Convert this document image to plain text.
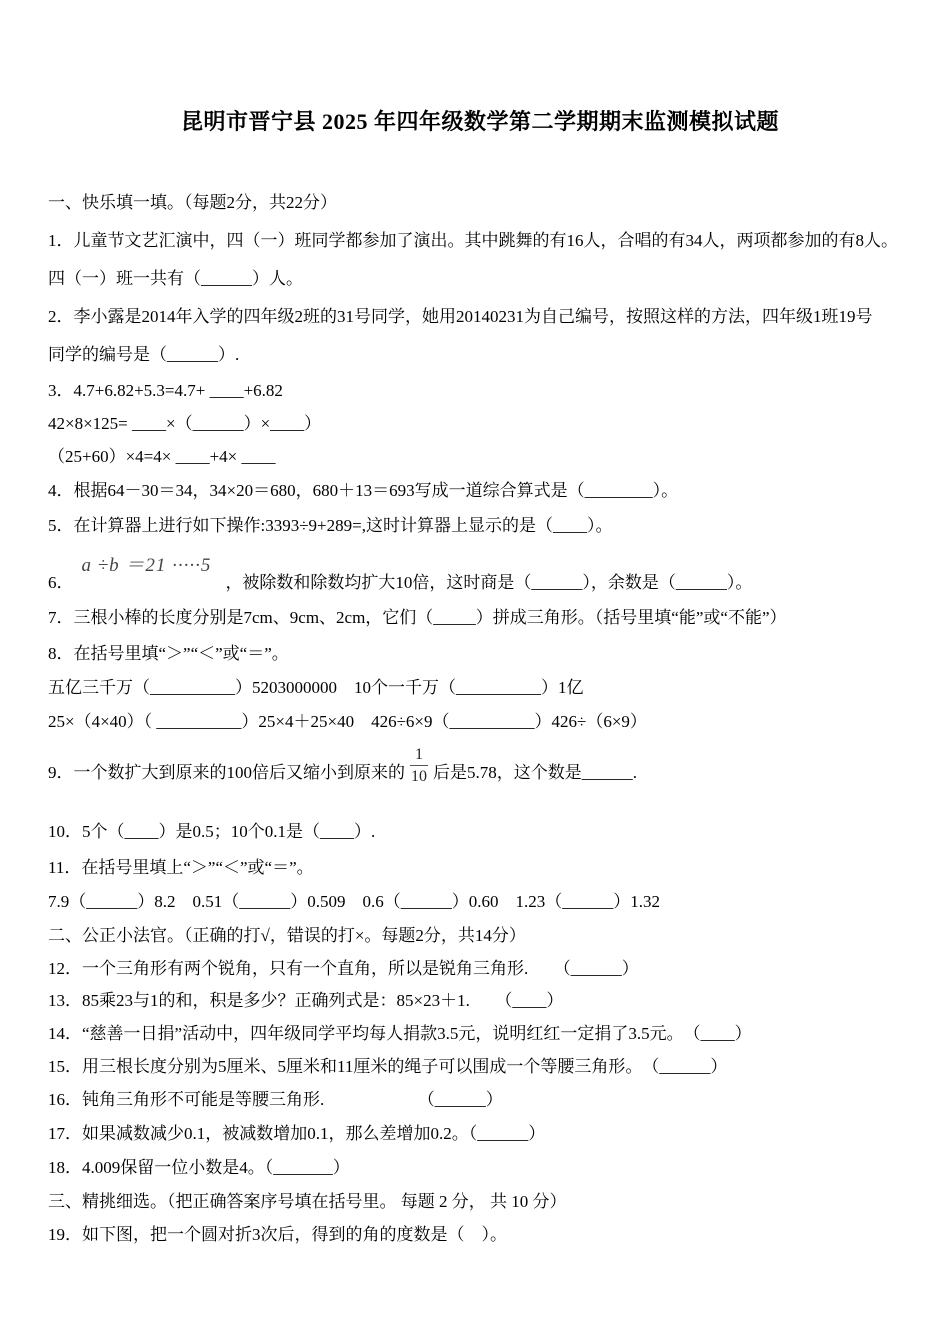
昆明市晋宁县 2025 年四年级数学第二学期期末监测模拟试题
一、快乐填一填。（每题2分，共22分）
1．儿童节文艺汇演中，四（一）班同学都参加了演出。其中跳舞的有16人，合唱的有34人，两项都参加的有8人。
四（一）班一共有（______）人。
2．李小露是2014年入学的四年级2班的31号同学，她用20140231为自己编号，按照这样的方法，四年级1班19号
同学的编号是（______）.
3．4.7+6.82+5.3=4.7+ ____+6.82
42×8×125= ____×（______）×____）
（25+60）×4=4× ____+4× ____
4．根据64－30＝34，34×20＝680，680＋13＝693写成一道综合算式是（________）。
5．在计算器上进行如下操作:3393÷9+289=,这时计算器上显示的是（____）。
6．
a ÷b ＝21 ·····5
，被除数和除数均扩大10倍，这时商是（______），余数是（______）。
7．三根小棒的长度分别是7cm、9cm、2cm，它们（_____）拼成三角形。（括号里填“能”或“不能”）
8．在括号里填“＞”“＜”或“＝”。
五亿三千万（__________）5203000000　10个一千万（__________）1亿
25×（4×40）（ __________）25×4＋25×40　426÷6×9（__________）426÷（6×9）
9．一个数扩大到原来的100倍后又缩小到原来的 $\frac{1}{10}$ 后是5.78，这个数是______.
10．5个（____）是0.5；10个0.1是（____）.
11．在括号里填上“＞”“＜”或“＝”。
7.9（______）8.2　0.51（______）0.509　0.6（______）0.60　1.23（______）1.32
二、公正小法官。（正确的打√，错误的打×。每题2分，共14分）
12．一个三角形有两个锐角，只有一个直角，所以是锐角三角形.　　（______）
13．85乘23与1的和，积是多少？正确列式是：85×23＋1.　　（____）
14．“慈善一日捐”活动中，四年级同学平均每人捐款3.5元，说明红红一定捐了3.5元。　（____）
15．用三根长度分别为5厘米、5厘米和11厘米的绳子可以围成一个等腰三角形。　（______）
16．钝角三角形不可能是等腰三角形.　　　　　　（______）
17．如果减数减少0.1，被减数增加0.1，那么差增加0.2。（______）
18．4.009保留一位小数是4。（_______）
三、精挑细选。（把正确答案序号填在括号里。 每题 2 分， 共 10 分）
19．如下图，把一个圆对折3次后，得到的角的度数是（　）。
